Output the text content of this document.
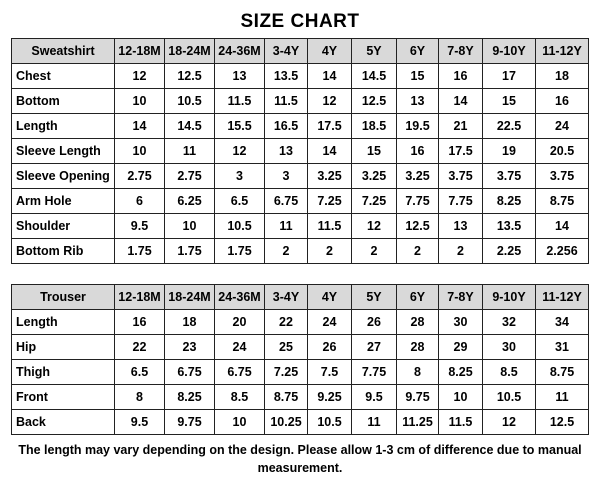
SIZE CHART
Sweatshirt	12-18M	18-24M	24-36M	3-4Y	4Y	5Y	6Y	7-8Y	9-10Y	11-12Y
Chest	12	12.5	13	13.5	14	14.5	15	16	17	18
Bottom	10	10.5	11.5	11.5	12	12.5	13	14	15	16
Length	14	14.5	15.5	16.5	17.5	18.5	19.5	21	22.5	24
Sleeve Length	10	11	12	13	14	15	16	17.5	19	20.5
Sleeve Opening	2.75	2.75	3	3	3.25	3.25	3.25	3.75	3.75	3.75
Arm Hole	6	6.25	6.5	6.75	7.25	7.25	7.75	7.75	8.25	8.75
Shoulder	9.5	10	10.5	11	11.5	12	12.5	13	13.5	14
Bottom Rib	1.75	1.75	1.75	2	2	2	2	2	2.25	2.256
Trouser	12-18M	18-24M	24-36M	3-4Y	4Y	5Y	6Y	7-8Y	9-10Y	11-12Y
Length	16	18	20	22	24	26	28	30	32	34
Hip	22	23	24	25	26	27	28	29	30	31
Thigh	6.5	6.75	6.75	7.25	7.5	7.75	8	8.25	8.5	8.75
Front	8	8.25	8.5	8.75	9.25	9.5	9.75	10	10.5	11
Back	9.5	9.75	10	10.25	10.5	11	11.25	11.5	12	12.5
The length may vary depending on the design. Please allow 1-3 cm of difference due to manual measurement.
